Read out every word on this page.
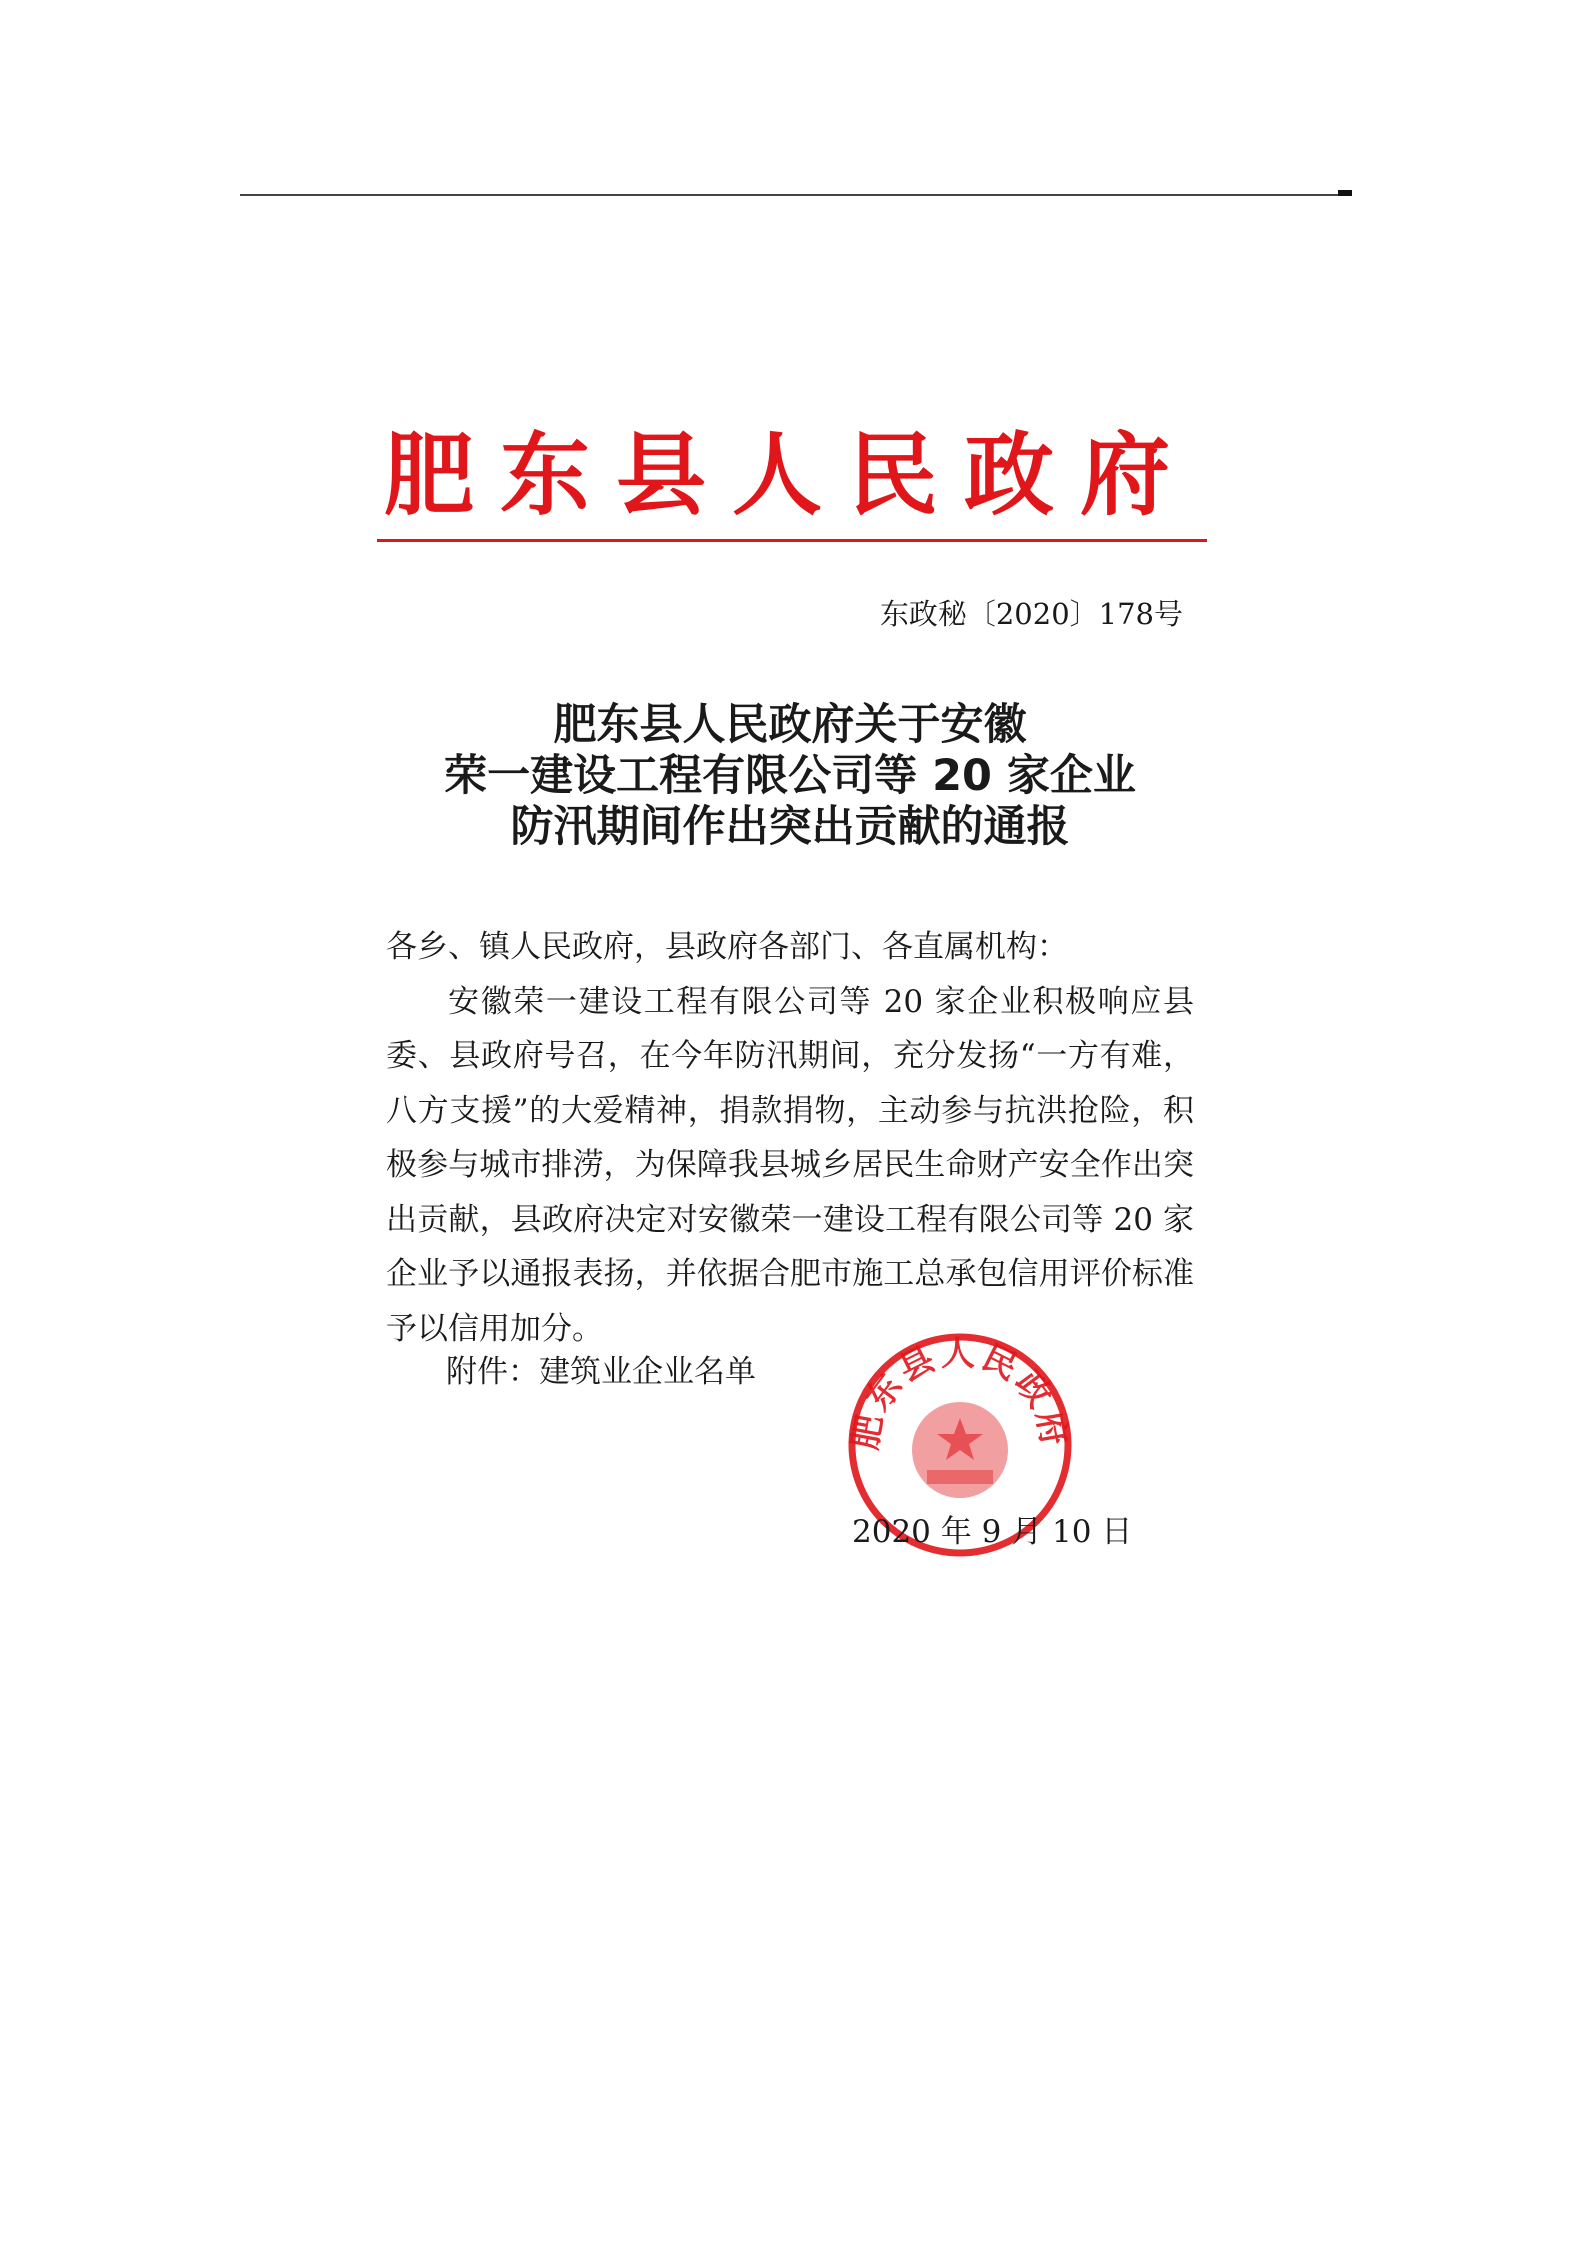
肥东县人民政府
东政秘〔2020〕178号
肥东县人民政府关于安徽
荣一建设工程有限公司等 20 家企业
防汛期间作出突出贡献的通报

各乡、镇人民政府，县政府各部门、各直属机构：

安徽荣一建设工程有限公司等 20 家企业积极响应县委、县政府号召，在今年防汛期间，充分发扬“一方有难，八方支援”的大爱精神，捐款捐物，主动参与抗洪抢险，积极参与城市排涝，为保障我县城乡居民生命财产安全作出突出贡献，县政府决定对安徽荣一建设工程有限公司等 20 家企业予以通报表扬，并依据合肥市施工总承包信用评价标准予以信用加分。

附件：建筑业企业名单
肥东县人民政府
2020 年 9 月 10 日
